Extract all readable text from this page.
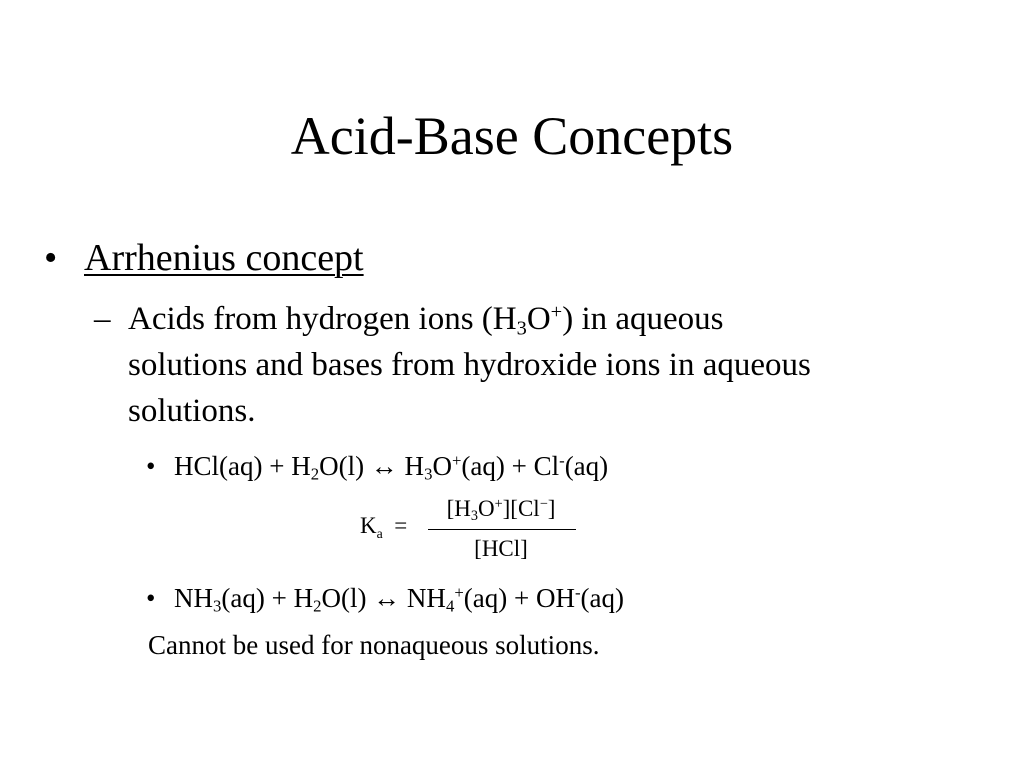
Acid-Base Concepts
• Arrhenius concept
– Acids from hydrogen ions $(H_3O^+)$ in aqueous
solutions and bases from hydroxide ions in aqueous
solutions.
• $HCl(aq) + H_2O(l)$ ↔ $H_3O^+(aq) + Cl^-(aq)$
$K_a$ =
$[H_3O^+][Cl^-]$
[HCl]
• $NH_3(aq) + H_2O(l)$ ↔ $NH_4^+(aq) + OH^-(aq)$
Cannot be used for nonaqueous solutions.
